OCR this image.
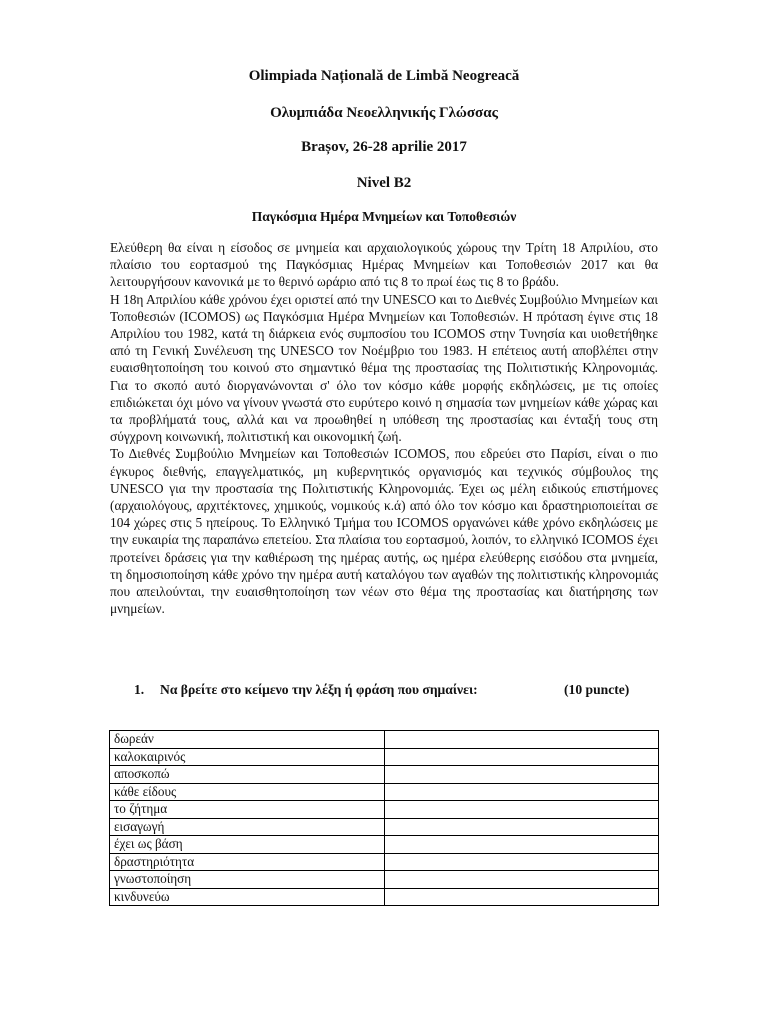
Olimpiada Națională de Limbă Neogreacă
Ολυμπιάδα Νεοελληνικής Γλώσσας
Brașov, 26-28 aprilie 2017
Nivel B2
Παγκόσμια Ημέρα Μνημείων και Τοποθεσιών

Ελεύθερη θα είναι η είσοδος σε μνημεία και αρχαιολογικούς χώρους την Τρίτη 18 Απριλίου, στο πλαίσιο του εορτασμού της Παγκόσμιας Ημέρας Μνημείων και Τοποθεσιών 2017 και θα λειτουργήσουν κανονικά με το θερινό ωράριο από τις 8 το πρωί έως τις 8 το βράδυ.

Η 18η Απριλίου κάθε χρόνου έχει οριστεί από την UNESCO και το Διεθνές Συμβούλιο Μνημείων και Τοποθεσιών (ICOMOS) ως Παγκόσμια Ημέρα Μνημείων και Τοποθεσιών. Η πρόταση έγινε στις 18 Απριλίου του 1982, κατά τη διάρκεια ενός συμποσίου του ICOMOS στην Τυνησία και υιοθετήθηκε από τη Γενική Συνέλευση της UNESCO τον Νοέμβριο του 1983. Η επέτειος αυτή αποβλέπει στην ευαισθητοποίηση του κοινού στο σημαντικό θέμα της προστασίας της Πολιτιστικής Κληρονομιάς. Για το σκοπό αυτό διοργανώνονται σ' όλο τον κόσμο κάθε μορφής εκδηλώσεις, με τις οποίες επιδιώκεται όχι μόνο να γίνουν γνωστά στο ευρύτερο κοινό η σημασία των μνημείων κάθε χώρας και τα προβλήματά τους, αλλά και να προωθηθεί η υπόθεση της προστασίας και ένταξή τους στη σύγχρονη κοινωνική, πολιτιστική και οικονομική ζωή.

Το Διεθνές Συμβούλιο Μνημείων και Τοποθεσιών ICOMOS, που εδρεύει στο Παρίσι, είναι ο πιο έγκυρος διεθνής, επαγγελματικός, μη κυβερνητικός οργανισμός και τεχνικός σύμβουλος της UNESCO για την προστασία της Πολιτιστικής Κληρονομιάς. Έχει ως μέλη ειδικούς επιστήμονες (αρχαιολόγους, αρχιτέκτονες, χημικούς, νομικούς κ.ά) από όλο τον κόσμο και δραστηριοποιείται σε 104 χώρες στις 5 ηπείρους. Το Ελληνικό Τμήμα του ICOMOS οργανώνει κάθε χρόνο εκδηλώσεις με την ευκαιρία της παραπάνω επετείου. Στα πλαίσια του εορτασμού, λοιπόν, το ελληνικό ICOMOS έχει προτείνει δράσεις για την καθιέρωση της ημέρας αυτής, ως ημέρα ελεύθερης εισόδου στα μνημεία, τη δημοσιοποίηση κάθε χρόνο την ημέρα αυτή καταλόγου των αγαθών της πολιτιστικής κληρονομιάς που απειλούνται, την ευαισθητοποίηση των νέων στο θέμα της προστασίας και διατήρησης των μνημείων.

1. Να βρείτε στο κείμενο την λέξη ή φράση που σημαίνει:	(10 puncte)
δωρεάν	
καλοκαιρινός	
αποσκοπώ	
κάθε είδους	
το ζήτημα	
εισαγωγή	
έχει ως βάση	
δραστηριότητα	
γνωστοποίηση	
κινδυνεύω	
